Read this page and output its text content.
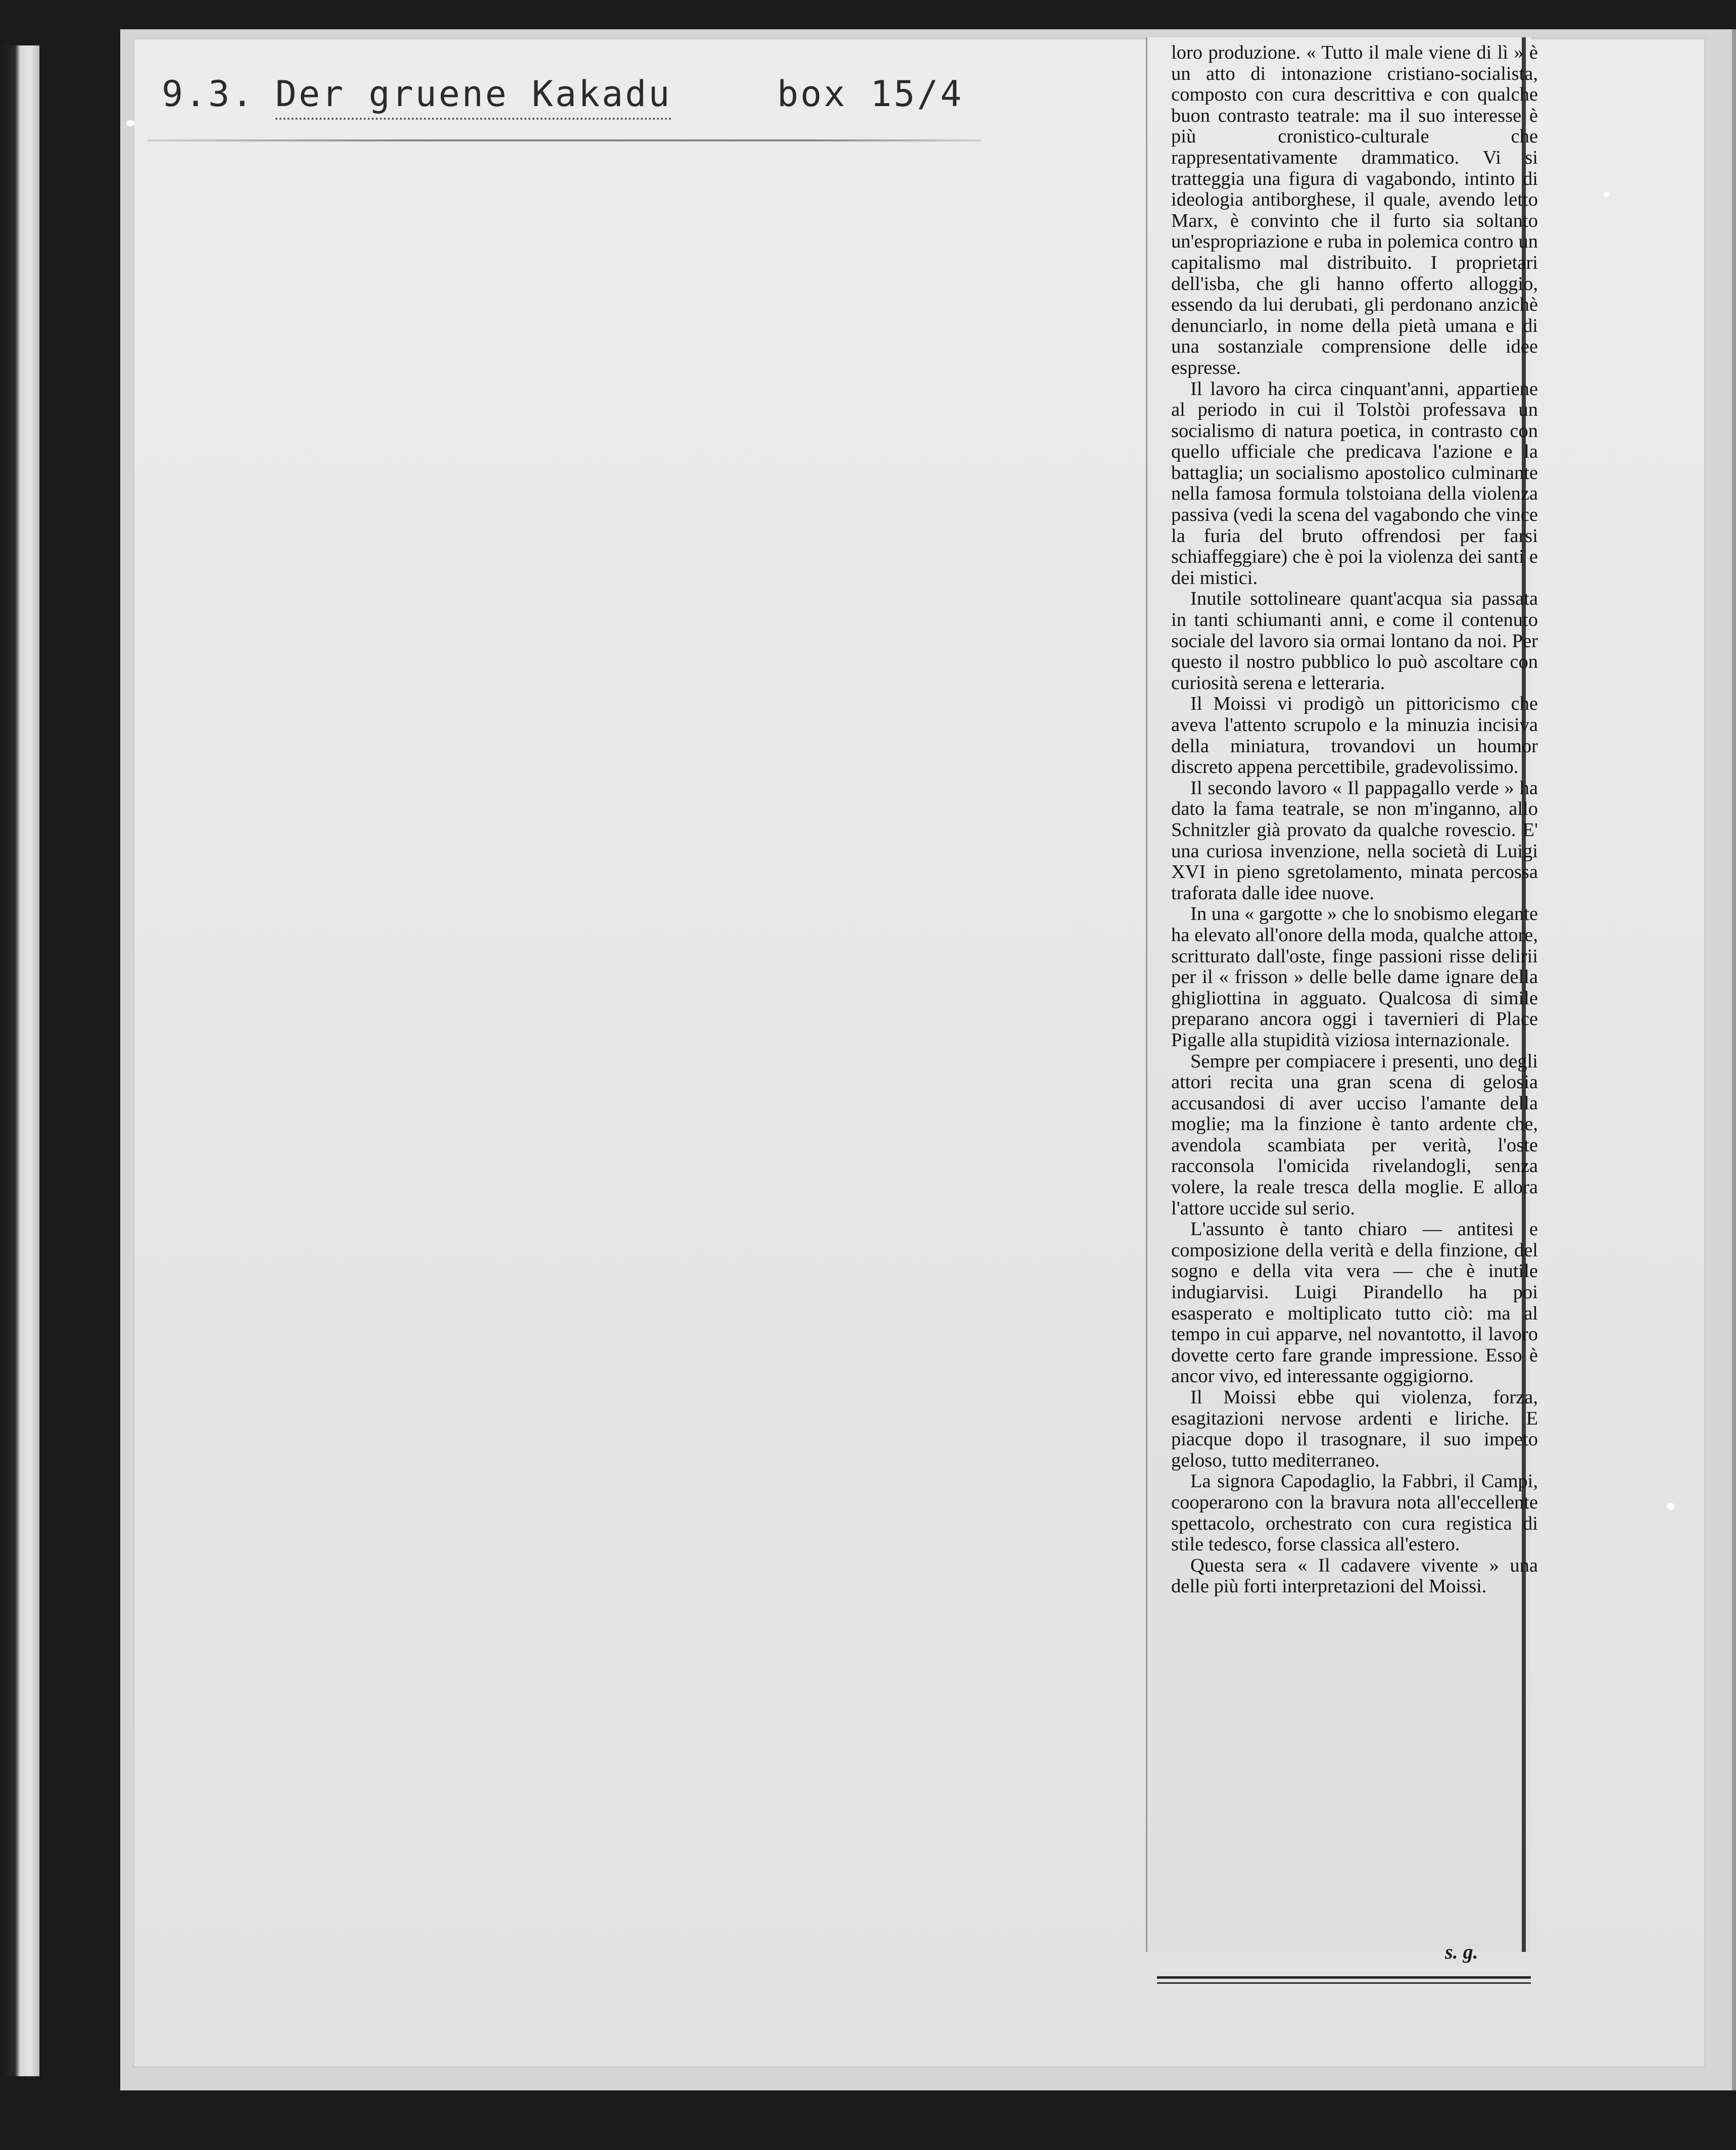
9.3. Der gruene Kakadu	box 15/4

loro produzione. « Tutto il male viene di lì » è un atto di intonazione cristiano-socialista, composto con cura descrittiva e con qualche buon contrasto teatrale: ma il suo interesse è più cronistico-culturale che rappresentativamente drammatico. Vi si tratteggia una figura di vagabondo, intinto di ideologia antiborghese, il quale, avendo letto Marx, è convinto che il furto sia soltanto un'espropriazione e ruba in polemica contro un capitalismo mal distribuito. I proprietari dell'isba, che gli hanno offerto alloggio, essendo da lui derubati, gli perdonano anzichè denunciarlo, in nome della pietà umana e di una sostanziale comprensione delle idee espresse.

Il lavoro ha circa cinquant'anni, appartiene al periodo in cui il Tolstòi professava un socialismo di natura poetica, in contrasto con quello ufficiale che predicava l'azione e la battaglia; un socialismo apostolico culminante nella famosa formula tolstoiana della violenza passiva (vedi la scena del vagabondo che vince la furia del bruto offrendosi per farsi schiaffeggiare) che è poi la violenza dei santi e dei mistici.

Inutile sottolineare quant'acqua sia passata in tanti schiumanti anni, e come il contenuto sociale del lavoro sia ormai lontano da noi. Per questo il nostro pubblico lo può ascoltare con curiosità serena e letteraria.

Il Moissi vi prodigò un pittoricismo che aveva l'attento scrupolo e la minuzia incisiva della miniatura, trovandovi un houmor discreto appena percettibile, gradevolissimo.

Il secondo lavoro « Il pappagallo verde » ha dato la fama teatrale, se non m'inganno, allo Schnitzler già provato da qualche rovescio. E' una curiosa invenzione, nella società di Luigi XVI in pieno sgretolamento, minata percossa traforata dalle idee nuove.

In una « gargotte » che lo snobismo elegante ha elevato all'onore della moda, qualche attore, scritturato dall'oste, finge passioni risse delirii per il « frisson » delle belle dame ignare della ghigliottina in agguato. Qualcosa di simile preparano ancora oggi i tavernieri di Place Pigalle alla stupidità viziosa internazionale.

Sempre per compiacere i presenti, uno degli attori recita una gran scena di gelosia accusandosi di aver ucciso l'amante della moglie; ma la finzione è tanto ardente che, avendola scambiata per verità, l'oste racconsola l'omicida rivelandogli, senza volere, la reale tresca della moglie. E allora l'attore uccide sul serio.

L'assunto è tanto chiaro — antitesi e composizione della verità e della finzione, del sogno e della vita vera — che è inutile indugiarvisi. Luigi Pirandello ha poi esasperato e moltiplicato tutto ciò: ma al tempo in cui apparve, nel novantotto, il lavoro dovette certo fare grande impressione. Esso è ancor vivo, ed interessante oggigiorno.

Il Moissi ebbe qui violenza, forza, esagitazioni nervose ardenti e liriche. E piacque dopo il trasognare, il suo impeto geloso, tutto mediterraneo.

La signora Capodaglio, la Fabbri, il Campi, cooperarono con la bravura nota all'eccellente spettacolo, orchestrato con cura registica di stile tedesco, forse classica all'estero.

Questa sera « Il cadavere vivente » una delle più forti interpretazioni del Moissi.

s. g.
